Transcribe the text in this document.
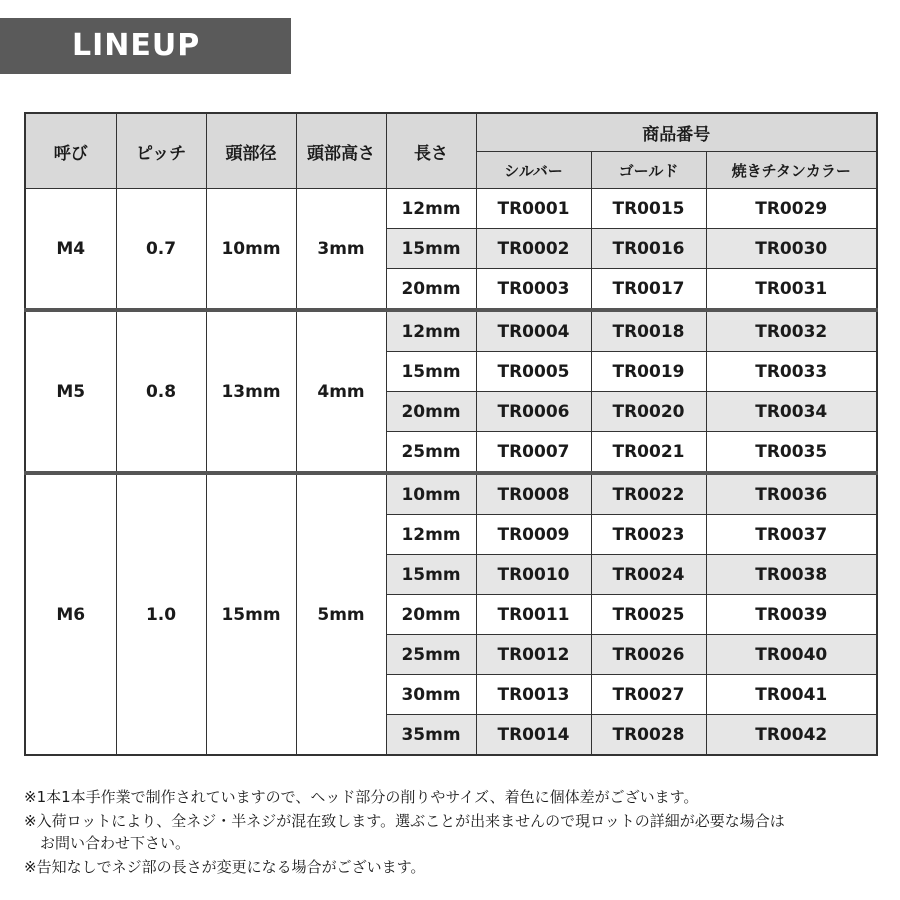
LINEUP
呼び	ピッチ	頭部径	頭部高さ	長さ	商品番号		
					シルバー	ゴールド	焼きチタンカラー
M4	0.7	10mm	3mm	12mm	TR0001	TR0015	TR0029
				15mm	TR0002	TR0016	TR0030
				20mm	TR0003	TR0017	TR0031
M5	0.8	13mm	4mm	12mm	TR0004	TR0018	TR0032
				15mm	TR0005	TR0019	TR0033
				20mm	TR0006	TR0020	TR0034
				25mm	TR0007	TR0021	TR0035
M6	1.0	15mm	5mm	10mm	TR0008	TR0022	TR0036
				12mm	TR0009	TR0023	TR0037
				15mm	TR0010	TR0024	TR0038
				20mm	TR0011	TR0025	TR0039
				25mm	TR0012	TR0026	TR0040
				30mm	TR0013	TR0027	TR0041
				35mm	TR0014	TR0028	TR0042

※1本1本手作業で制作されていますので、ヘッド部分の削りやサイズ、着色に個体差がございます。

※入荷ロットにより、全ネジ・半ネジが混在致します。選ぶことが出来ませんので現ロットの詳細が必要な場合は
お問い合わせ下さい。

※告知なしでネジ部の長さが変更になる場合がございます。
